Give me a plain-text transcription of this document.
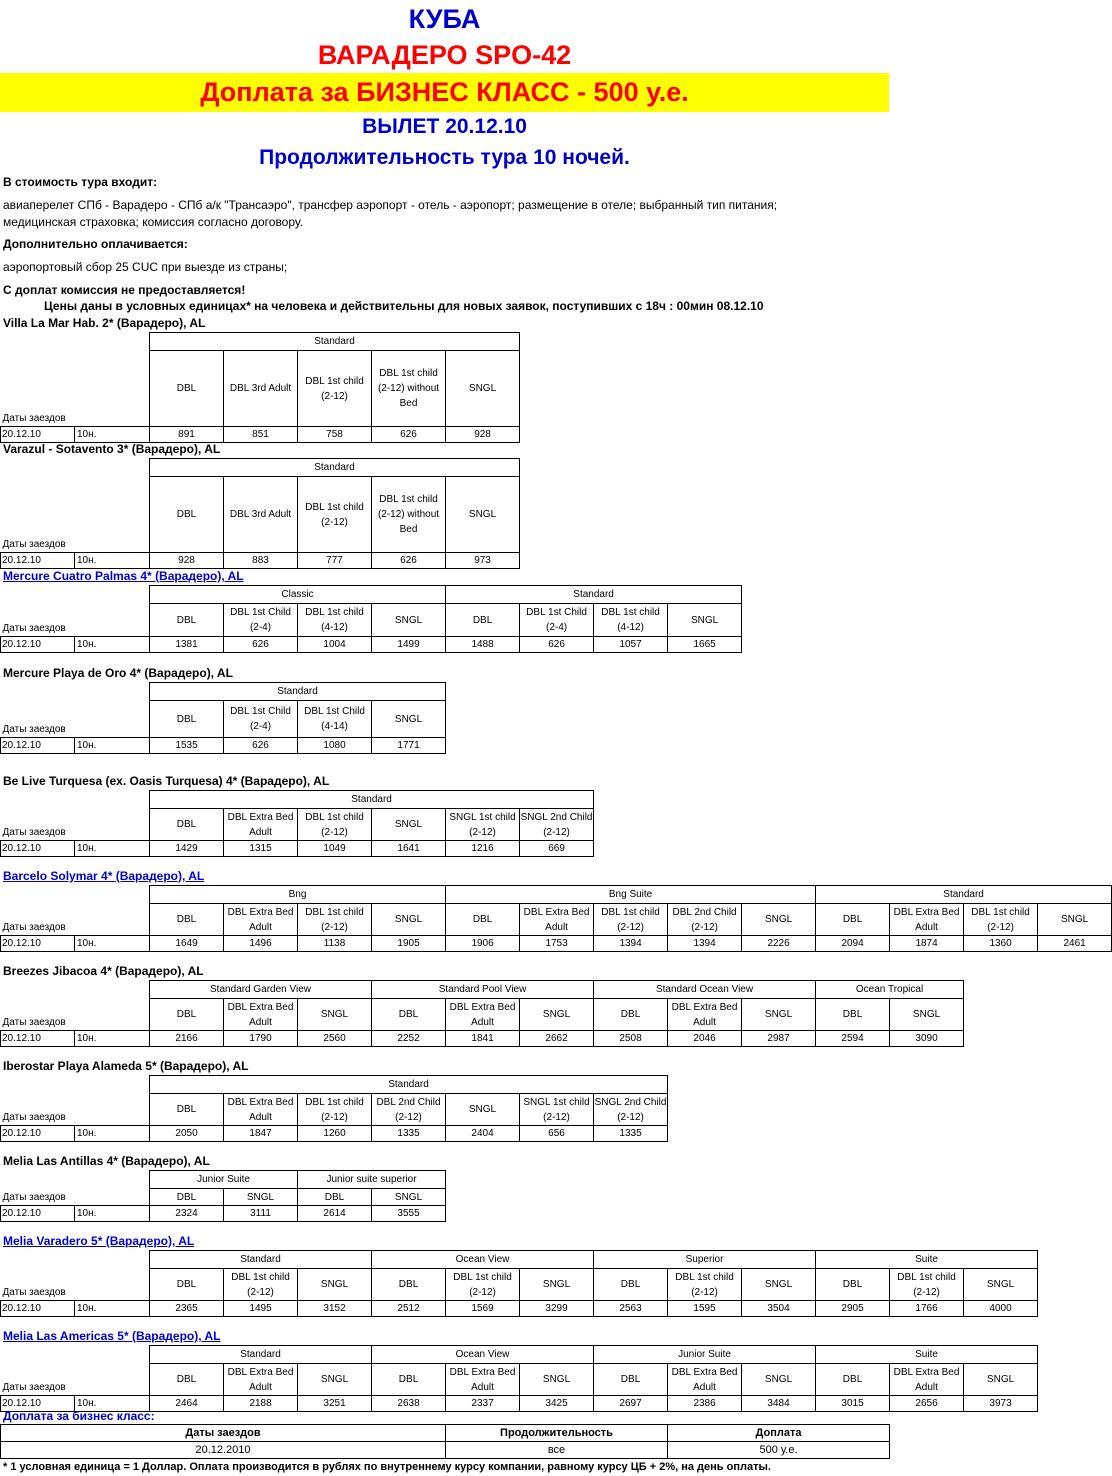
КУБА
ВАРАДЕРО SPO-42
Доплата за БИЗНЕС КЛАСС - 500 у.е.
ВЫЛЕТ 20.12.10
Продолжительность тура 10 ночей.
В стоимость тура входит:
авиаперелет СПб - Варадеро - СПб а/к "Трансаэро", трансфер аэропорт - отель - аэропорт; размещение в отеле; выбранный тип питания;
медицинская страховка; комиссия согласно договору.
Дополнительно оплачивается:
аэропортовый сбор 25 CUC при выезде из страны;
С доплат комиссия не предоставляется!
Цены даны в условных единицах* на человека и действительны для новых заявок, поступивших с 18ч : 00мин 08.12.10
Villa La Mar Hab. 2* (Варадеро), AL
Varazul - Sotavento 3* (Варадеро), AL
Mercure Cuatro Palmas 4* (Варадеро), AL
Mercure Playa de Oro 4* (Варадеро), AL
Be Live Turquesa (ex. Oasis Turquesa) 4* (Варадеро), AL
Barcelo Solymar 4* (Варадеро), AL
Breezes Jibacoa 4* (Варадеро), AL
Iberostar Playa Alameda 5* (Варадеро), AL
Melia Las Antillas 4* (Варадеро), AL
Melia Varadero 5* (Варадеро), AL
Melia Las Americas 5* (Варадеро), AL
Даты заездов		Standard				
		DBL	DBL 3rd Adult	DBL 1st child (2-12)	DBL 1st child (2-12) without Bed	SNGL
20.12.10	10н.	891	851	758	626	928
Даты заездов		Standard				
		DBL	DBL 3rd Adult	DBL 1st child (2-12)	DBL 1st child (2-12) without Bed	SNGL
20.12.10	10н.	928	883	777	626	973
Даты заездов		Classic				Standard			
		DBL	DBL 1st Child (2-4)	DBL 1st child (4-12)	SNGL	DBL	DBL 1st Child (2-4)	DBL 1st child (4-12)	SNGL
20.12.10	10н.	1381	626	1004	1499	1488	626	1057	1665
Даты заездов		Standard			
		DBL	DBL 1st Child (2-4)	DBL 1st Child (4-14)	SNGL
20.12.10	10н.	1535	626	1080	1771
Даты заездов		Standard					
		DBL	DBL Extra Bed Adult	DBL 1st child (2-12)	SNGL	SNGL 1st child (2-12)	SNGL 2nd Child (2-12)
20.12.10	10н.	1429	1315	1049	1641	1216	669
Даты заездов		Bng				Bng Suite					Standard			
		DBL	DBL Extra Bed Adult	DBL 1st child (2-12)	SNGL	DBL	DBL Extra Bed Adult	DBL 1st child (2-12)	DBL 2nd Child (2-12)	SNGL	DBL	DBL Extra Bed Adult	DBL 1st child (2-12)	SNGL
20.12.10	10н.	1649	1496	1138	1905	1906	1753	1394	1394	2226	2094	1874	1360	2461
Даты заездов		Standard Garden View			Standard Pool View			Standard Ocean View			Ocean Tropical	
		DBL	DBL Extra Bed Adult	SNGL	DBL	DBL Extra Bed Adult	SNGL	DBL	DBL Extra Bed Adult	SNGL	DBL	SNGL
20.12.10	10н.	2166	1790	2560	2252	1841	2662	2508	2046	2987	2594	3090
Даты заездов		Standard						
		DBL	DBL Extra Bed Adult	DBL 1st child (2-12)	DBL 2nd Child (2-12)	SNGL	SNGL 1st child (2-12)	SNGL 2nd Child (2-12)
20.12.10	10н.	2050	1847	1260	1335	2404	656	1335
Даты заездов		Junior Suite		Junior suite superior	
		DBL	SNGL	DBL	SNGL
20.12.10	10н.	2324	3111	2614	3555
Даты заездов		Standard			Ocean View			Superior			Suite		
		DBL	DBL 1st child (2-12)	SNGL	DBL	DBL 1st child (2-12)	SNGL	DBL	DBL 1st child (2-12)	SNGL	DBL	DBL 1st child (2-12)	SNGL
20.12.10	10н.	2365	1495	3152	2512	1569	3299	2563	1595	3504	2905	1766	4000
Даты заездов		Standard			Ocean View			Junior Suite			Suite		
		DBL	DBL Extra Bed Adult	SNGL	DBL	DBL Extra Bed Adult	SNGL	DBL	DBL Extra Bed Adult	SNGL	DBL	DBL Extra Bed Adult	SNGL
20.12.10	10н.	2464	2188	3251	2638	2337	3425	2697	2386	3484	3015	2656	3973
Доплата за бизнес класс:
Даты заездов	Продолжительность	Доплата
20.12.2010	все	500 у.е.
* 1 условная единица = 1 Доллар. Оплата производится в рублях по внутреннему курсу компании, равному курсу ЦБ + 2%, на день оплаты.
